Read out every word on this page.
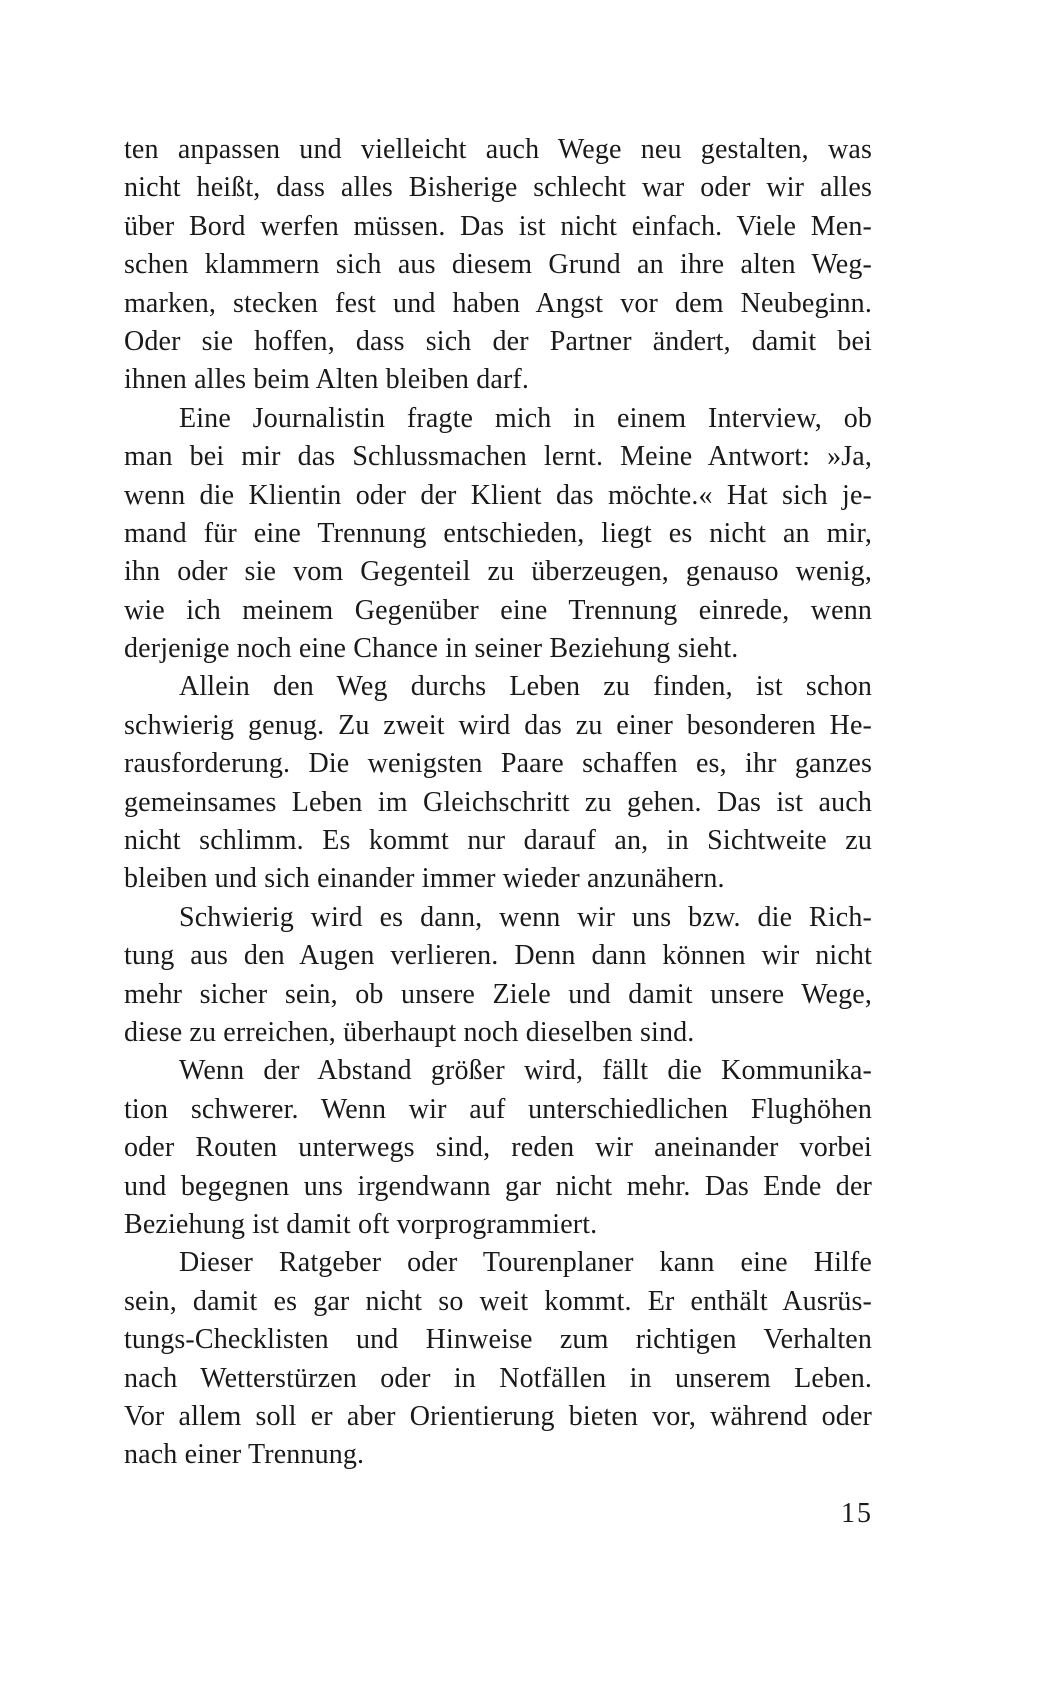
ten anpassen und vielleicht auch Wege neu gestalten, was
nicht heißt, dass alles Bisherige schlecht war oder wir alles
über Bord werfen müssen. Das ist nicht einfach. Viele Men-
schen klammern sich aus diesem Grund an ihre alten Weg-
marken, stecken fest und haben Angst vor dem Neubeginn.
Oder sie hoffen, dass sich der Partner ändert, damit bei
ihnen alles beim Alten bleiben darf.
Eine Journalistin fragte mich in einem Interview, ob
man bei mir das Schlussmachen lernt. Meine Antwort: »Ja,
wenn die Klientin oder der Klient das möchte.« Hat sich je-
mand für eine Trennung entschieden, liegt es nicht an mir,
ihn oder sie vom Gegenteil zu überzeugen, genauso wenig,
wie ich meinem Gegenüber eine Trennung einrede, wenn
derjenige noch eine Chance in seiner Beziehung sieht.
Allein den Weg durchs Leben zu finden, ist schon
schwierig genug. Zu zweit wird das zu einer besonderen He-
rausforderung. Die wenigsten Paare schaffen es, ihr ganzes
gemeinsames Leben im Gleichschritt zu gehen. Das ist auch
nicht schlimm. Es kommt nur darauf an, in Sichtweite zu
bleiben und sich einander immer wieder anzunähern.
Schwierig wird es dann, wenn wir uns bzw. die Rich-
tung aus den Augen verlieren. Denn dann können wir nicht
mehr sicher sein, ob unsere Ziele und damit unsere Wege,
diese zu erreichen, überhaupt noch dieselben sind.
Wenn der Abstand größer wird, fällt die Kommunika-
tion schwerer. Wenn wir auf unterschiedlichen Flughöhen
oder Routen unterwegs sind, reden wir aneinander vorbei
und begegnen uns irgendwann gar nicht mehr. Das Ende der
Beziehung ist damit oft vorprogrammiert.
Dieser Ratgeber oder Tourenplaner kann eine Hilfe
sein, damit es gar nicht so weit kommt. Er enthält Ausrüs-
tungs-Checklisten und Hinweise zum richtigen Verhalten
nach Wetterstürzen oder in Notfällen in unserem Leben.
Vor allem soll er aber Orientierung bieten vor, während oder
nach einer Trennung.
15
